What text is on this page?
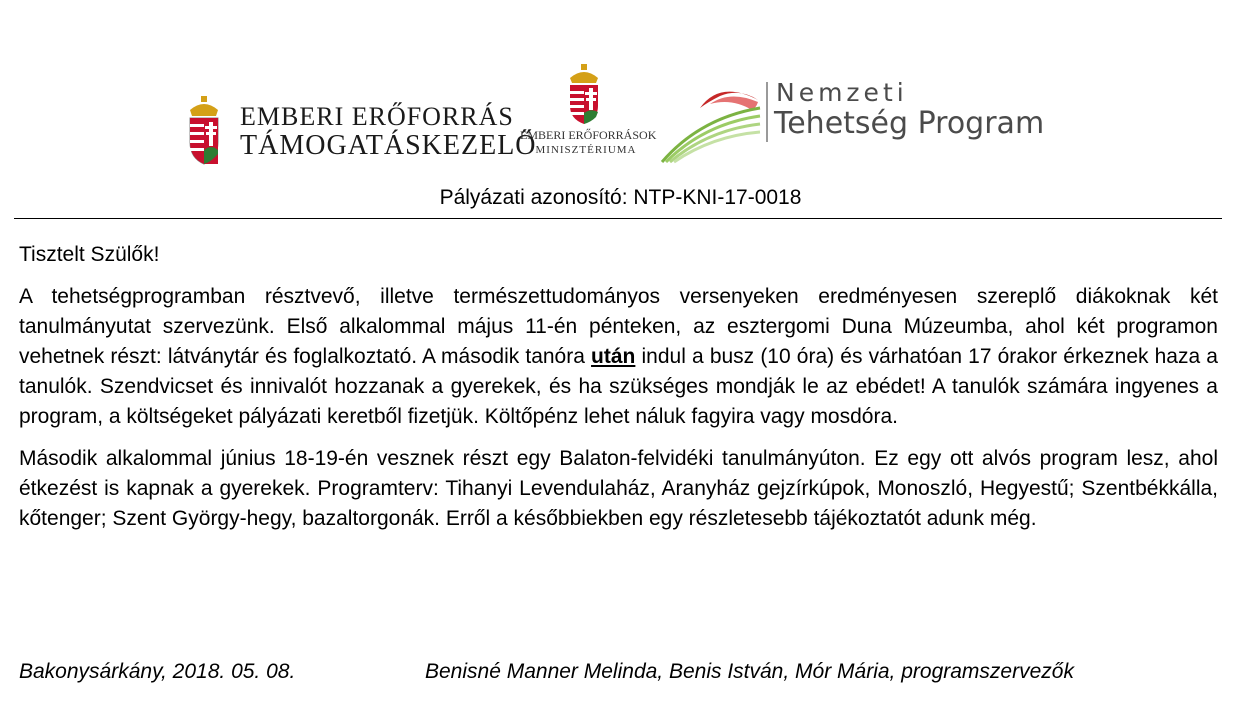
EMBERI ERŐFORRÁS
TÁMOGATÁSKEZELŐ
EMBERI ERŐFORRÁSOK
MINISZTÉRIUMA
Nemzeti
Tehetség Program
Pályázati azonosító: NTP-KNI-17-0018

Tisztelt Szülők!

A tehetségprogramban résztvevő, illetve természettudományos versenyeken eredményesen szereplő diákoknak két tanulmányutat szervezünk. Első alkalommal május 11-én pénteken, az esztergomi Duna Múzeumba, ahol két programon vehetnek részt: látványtár és foglalkoztató. A második tanóra után indul a busz (10 óra) és várhatóan 17 órakor érkeznek haza a tanulók. Szendvicset és innivalót hozzanak a gyerekek, és ha szükséges mondják le az ebédet! A tanulók számára ingyenes a program, a költségeket pályázati keretből fizetjük. Költőpénz lehet náluk fagyira vagy mosdóra.

Második alkalommal június 18-19-én vesznek részt egy Balaton-felvidéki tanulmányúton. Ez egy ott alvós program lesz, ahol étkezést is kapnak a gyerekek. Programterv: Tihanyi Levendulaház, Aranyház gejzírkúpok, Monoszló, Hegyestű; Szentbékkálla, kőtenger; Szent György-hegy, bazaltorgonák. Erről a későbbiekben egy részletesebb tájékoztatót adunk még.

Bakonysárkány, 2018. 05. 08.	Benisné Manner Melinda, Benis István, Mór Mária, programszervezők
